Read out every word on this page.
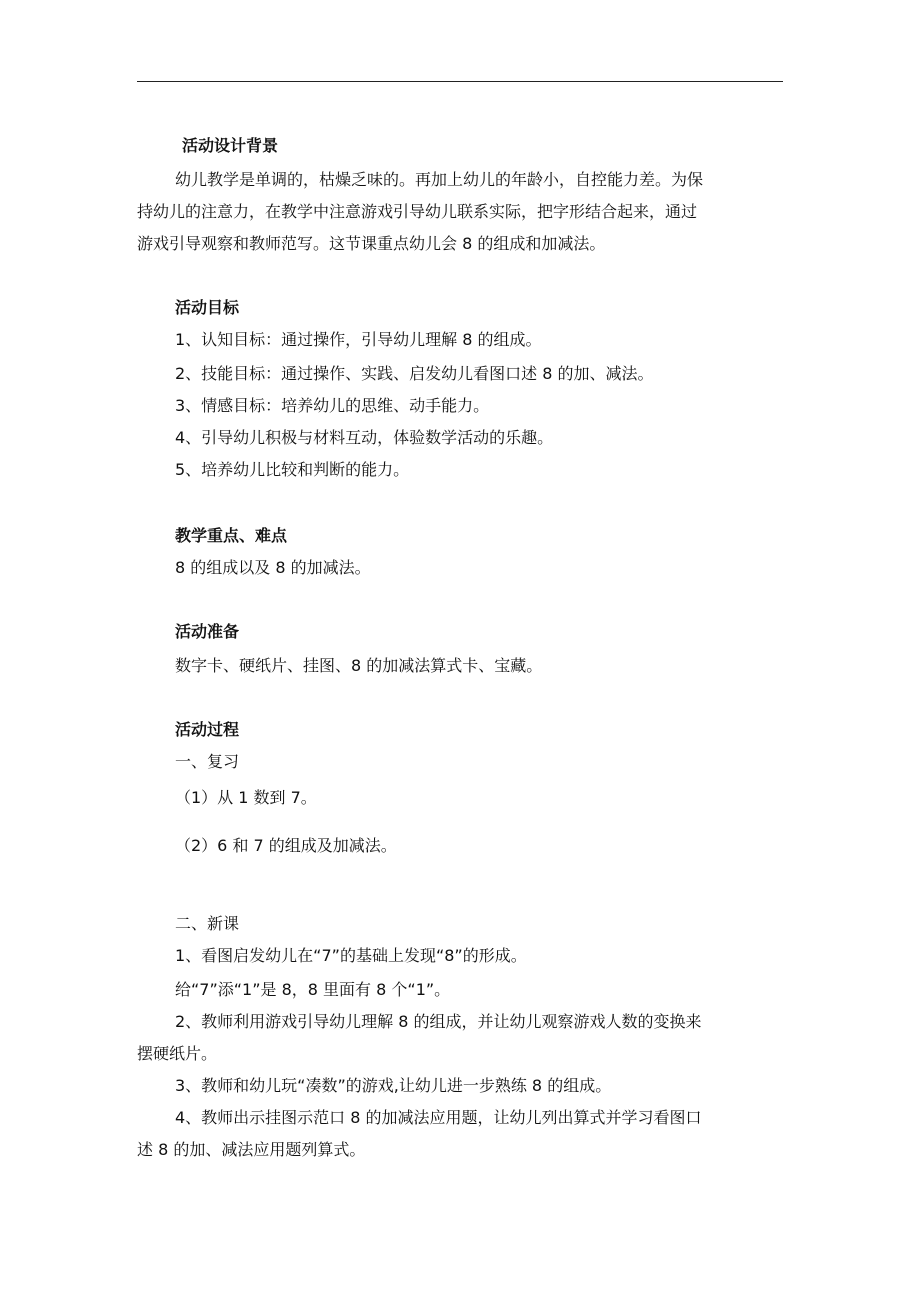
活动设计背景
幼儿教学是单调的，枯燥乏味的。再加上幼儿的年龄小，自控能力差。为保
持幼儿的注意力，在教学中注意游戏引导幼儿联系实际，把字形结合起来，通过
游戏引导观察和教师范写。这节课重点幼儿会 8 的组成和加减法。
活动目标
1、认知目标：通过操作，引导幼儿理解 8 的组成。
2、技能目标：通过操作、实践、启发幼儿看图口述 8 的加、减法。
3、情感目标：培养幼儿的思维、动手能力。
4、引导幼儿积极与材料互动，体验数学活动的乐趣。
5、培养幼儿比较和判断的能力。
教学重点、难点
8 的组成以及 8 的加减法。
活动准备
数字卡、硬纸片、挂图、8 的加减法算式卡、宝藏。
活动过程
一、复习
（1）从 1 数到 7。
（2）6 和 7 的组成及加减法。
二、新课
1、看图启发幼儿在“7”的基础上发现“8”的形成。
给“7”添“1”是 8，8 里面有 8 个“1”。
2、教师利用游戏引导幼儿理解 8 的组成，并让幼儿观察游戏人数的变换来
摆硬纸片。
3、教师和幼儿玩“凑数”的游戏,让幼儿进一步熟练 8 的组成。
4、教师出示挂图示范口 8 的加减法应用题，让幼儿列出算式并学习看图口
述 8 的加、减法应用题列算式。
